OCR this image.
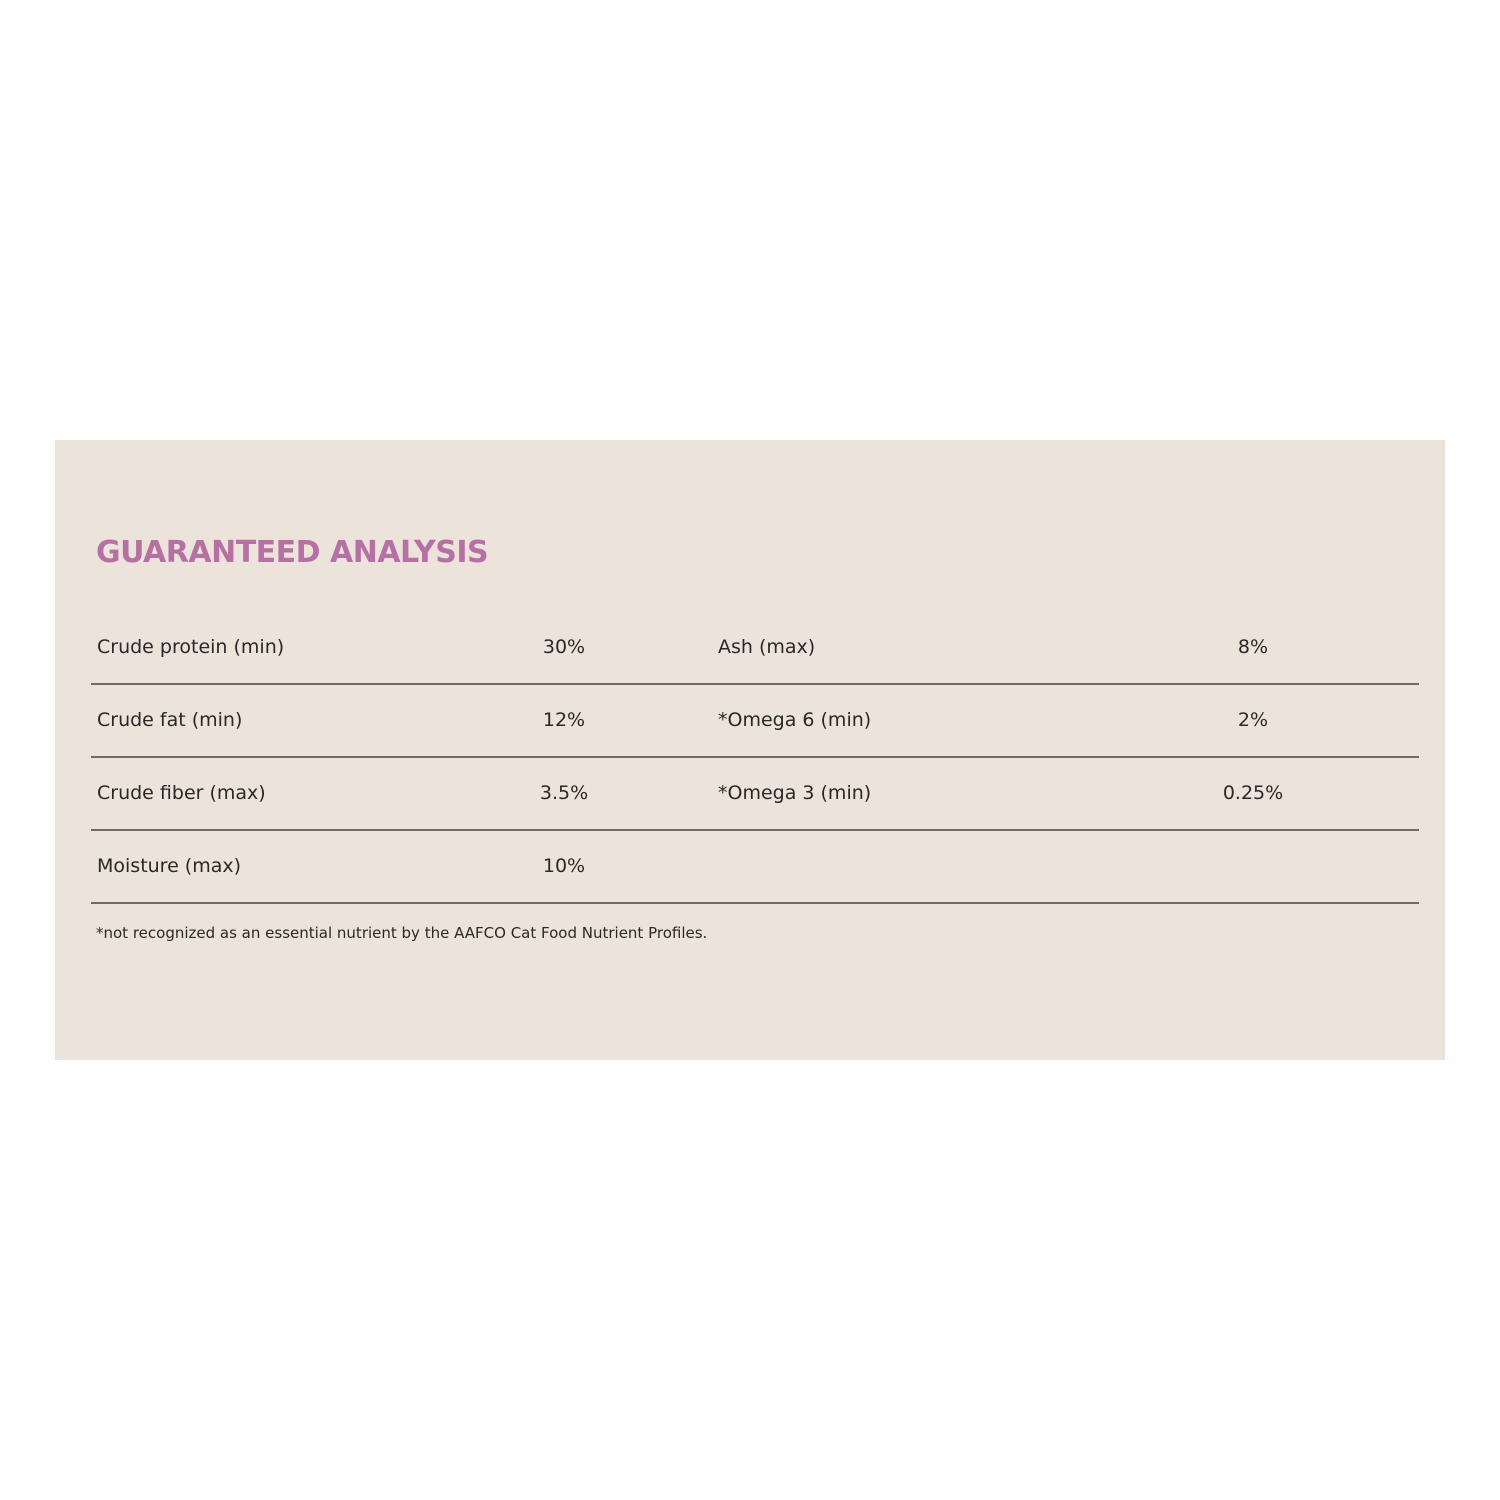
GUARANTEED ANALYSIS
Crude protein (min)	30%	Ash (max)	8%
Crude fat (min)	12%	*Omega 6 (min)	2%
Crude fiber (max)	3.5%	*Omega 3 (min)	0.25%
Moisture (max)	10%

*not recognized as an essential nutrient by the AAFCO Cat Food Nutrient Profiles.
